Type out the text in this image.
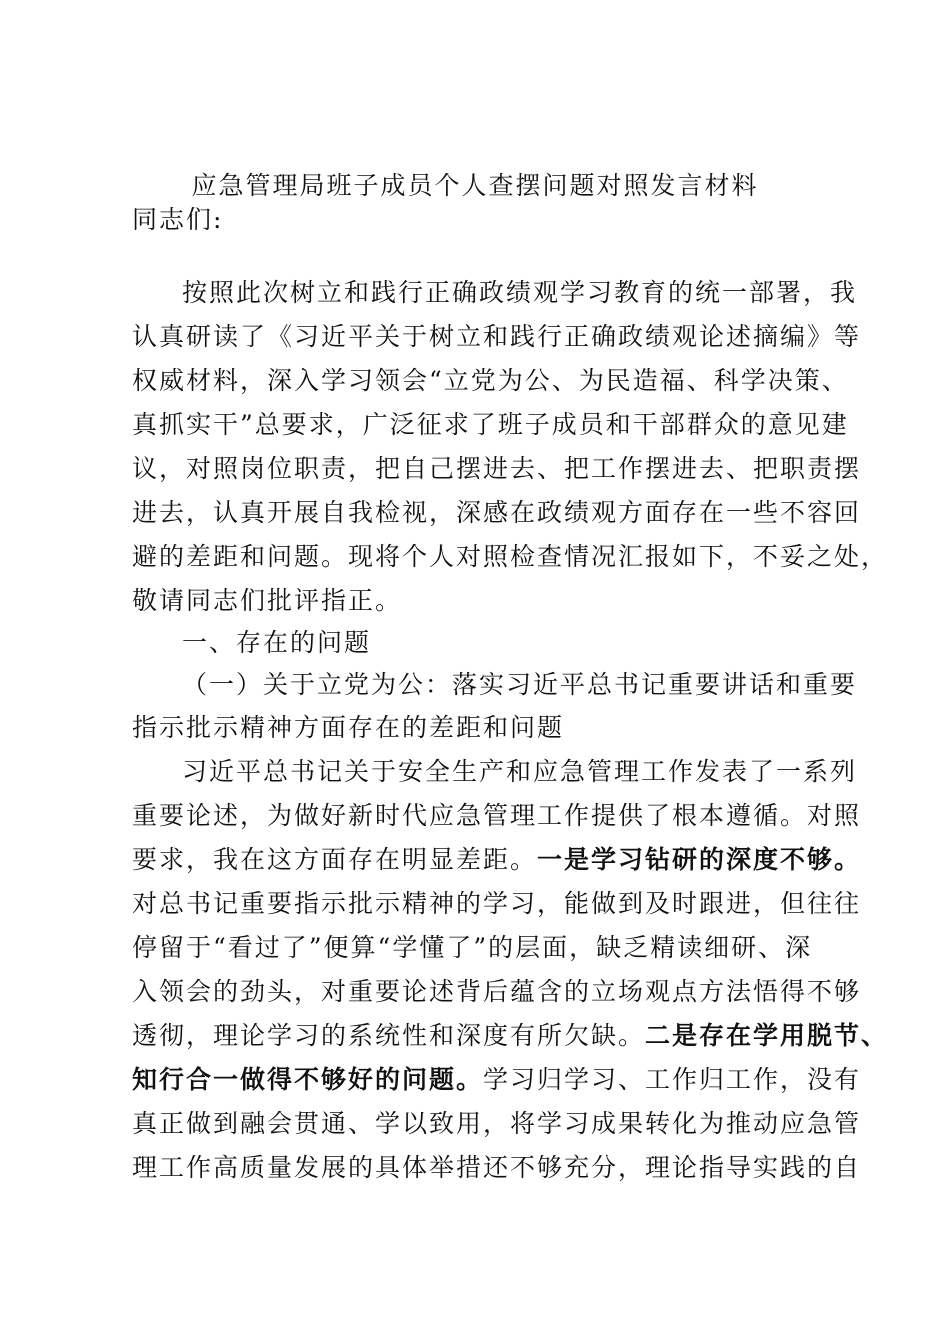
应急管理局班子成员个人查摆问题对照发言材料
同志们:
按照此次树立和践行正确政绩观学习教育的统一部署，我
认真研读了《习近平关于树立和践行正确政绩观论述摘编》等
权威材料，深入学习领会“立党为公、为民造福、科学决策、
真抓实干”总要求，广泛征求了班子成员和干部群众的意见建
议，对照岗位职责，把自己摆进去、把工作摆进去、把职责摆
进去，认真开展自我检视，深感在政绩观方面存在一些不容回
避的差距和问题。现将个人对照检查情况汇报如下，不妥之处，
敬请同志们批评指正。
一、存在的问题
（一）关于立党为公：落实习近平总书记重要讲话和重要
指示批示精神方面存在的差距和问题
习近平总书记关于安全生产和应急管理工作发表了一系列
重要论述，为做好新时代应急管理工作提供了根本遵循。对照
要求，我在这方面存在明显差距。一是学习钻研的深度不够。
对总书记重要指示批示精神的学习，能做到及时跟进，但往往
停留于“看过了”便算“学懂了”的层面，缺乏精读细研、深
入领会的劲头，对重要论述背后蕴含的立场观点方法悟得不够
透彻，理论学习的系统性和深度有所欠缺。二是存在学用脱节、
知行合一做得不够好的问题。学习归学习、工作归工作，没有
真正做到融会贯通、学以致用，将学习成果转化为推动应急管
理工作高质量发展的具体举措还不够充分，理论指导实践的自
